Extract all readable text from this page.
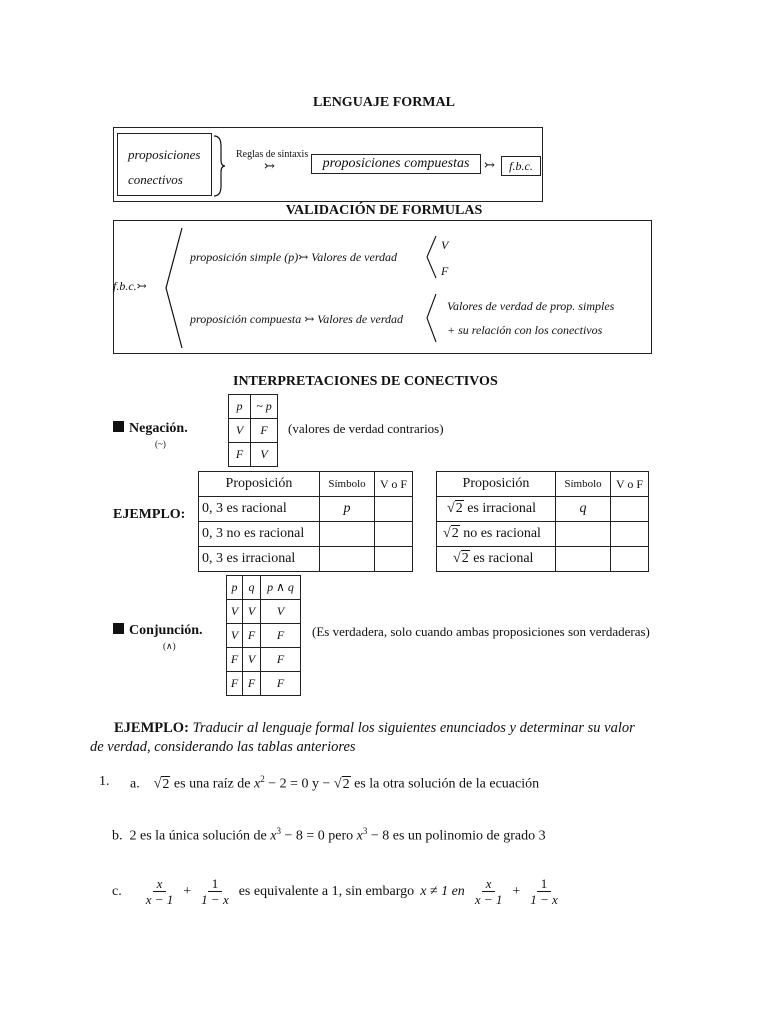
LENGUAJE FORMAL
proposiciones
conectivos
Reglas de sintaxis
↣	proposiciones compuestas	↣	f.b.c.
VALIDACIÓN DE FORMULAS
f.b.c.↣
proposición simple (p)↣ Valores de verdad
V
F
proposición compuesta ↣ Valores de verdad
Valores de verdad de prop. simples
+ su relación con los conectivos
INTERPRETACIONES DE CONECTIVOS
Negación.
(~)
p	~ p
V	F
F	V
(valores de verdad contrarios)
EJEMPLO:
Proposición	Símbolo	V o F
0, 3 es racional	p	
0, 3 no es racional		
0, 3 es irracional		
Proposición	Símbolo	V o F
√2 es irracional	q	
√2 no es racional		
√2 es racional		
Conjunción.
(∧)
p	q	p ∧ q
V	V	V
V	F	F
F	V	F
F	F	F
(Es verdadera, solo cuando ambas proposiciones son verdaderas)
EJEMPLO: Traducir al lenguaje formal los siguientes enunciados y determinar su valor
de verdad, considerando las tablas anteriores
1. a. √2 es una raíz de $x^2 - 2 = 0$ y − √2 es la otra solución de la ecuación
b. 2 es la única solución de $x^3 - 8 = 0$ pero $x^3 - 8$ es un polinomio de grado 3
c. $\frac{x}{x - 1} + \frac{1}{1 - x}$ es equivalente a 1, sin embargo x ≠ 1 en $\frac{x}{x - 1} + \frac{1}{1 - x}$
